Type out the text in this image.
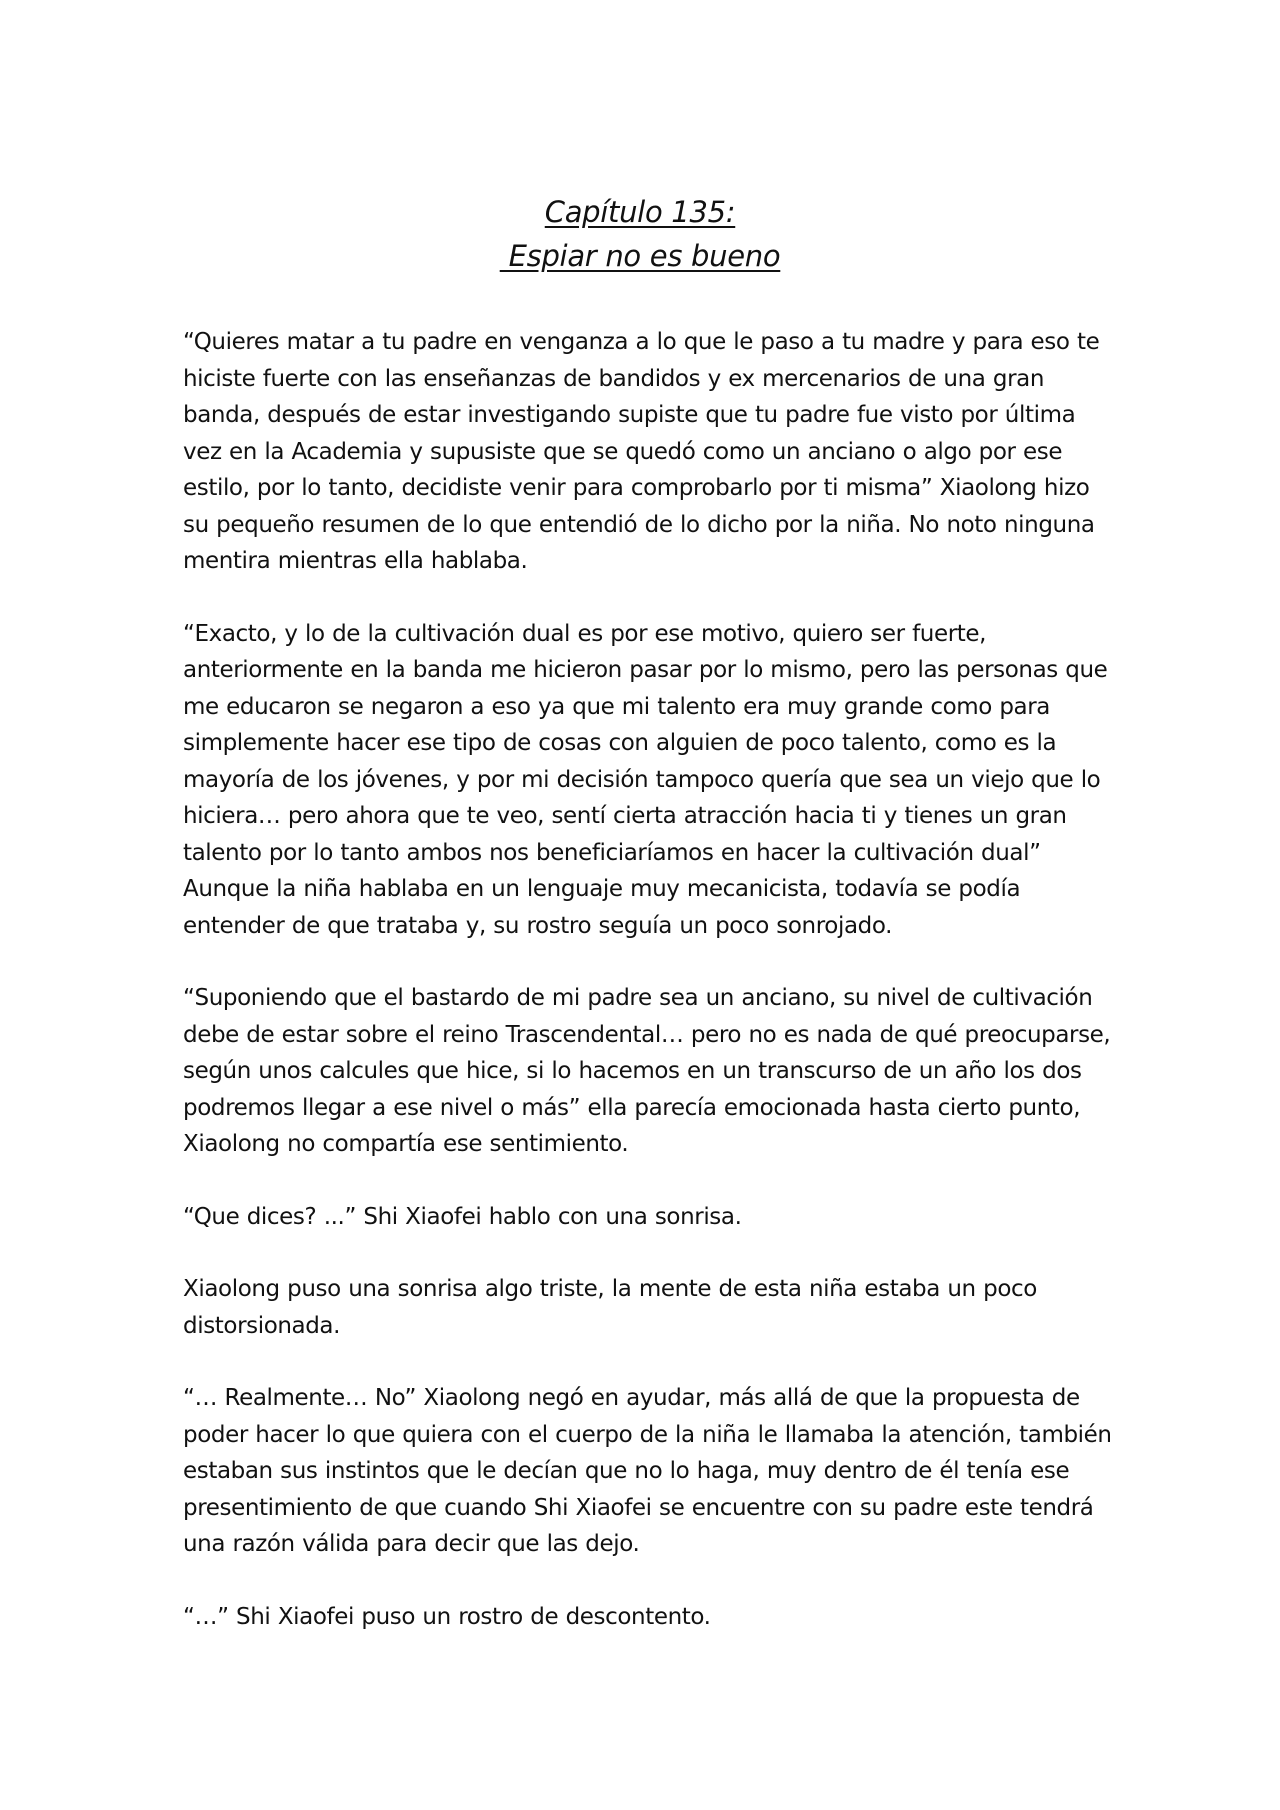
Capítulo 135:
Espiar no es bueno

“Quieres matar a tu padre en venganza a lo que le paso a tu madre y para eso te hiciste fuerte con las enseñanzas de bandidos y ex mercenarios de una gran banda, después de estar investigando supiste que tu padre fue visto por última vez en la Academia y supusiste que se quedó como un anciano o algo por ese estilo, por lo tanto, decidiste venir para comprobarlo por ti misma” Xiaolong hizo su pequeño resumen de lo que entendió de lo dicho por la niña. No noto ninguna mentira mientras ella hablaba.

“Exacto, y lo de la cultivación dual es por ese motivo, quiero ser fuerte, anteriormente en la banda me hicieron pasar por lo mismo, pero las personas que me educaron se negaron a eso ya que mi talento era muy grande como para simplemente hacer ese tipo de cosas con alguien de poco talento, como es la mayoría de los jóvenes, y por mi decisión tampoco quería que sea un viejo que lo hiciera… pero ahora que te veo, sentí cierta atracción hacia ti y tienes un gran talento por lo tanto ambos nos beneficiaríamos en hacer la cultivación dual” Aunque la niña hablaba en un lenguaje muy mecanicista, todavía se podía entender de que trataba y, su rostro seguía un poco sonrojado.

“Suponiendo que el bastardo de mi padre sea un anciano, su nivel de cultivación debe de estar sobre el reino Trascendental… pero no es nada de qué preocuparse, según unos calcules que hice, si lo hacemos en un transcurso de un año los dos podremos llegar a ese nivel o más” ella parecía emocionada hasta cierto punto, Xiaolong no compartía ese sentimiento.

“Que dices? ...” Shi Xiaofei hablo con una sonrisa.

Xiaolong puso una sonrisa algo triste, la mente de esta niña estaba un poco distorsionada.

“… Realmente… No” Xiaolong negó en ayudar, más allá de que la propuesta de poder hacer lo que quiera con el cuerpo de la niña le llamaba la atención, también estaban sus instintos que le decían que no lo haga, muy dentro de él tenía ese presentimiento de que cuando Shi Xiaofei se encuentre con su padre este tendrá una razón válida para decir que las dejo.

“…” Shi Xiaofei puso un rostro de descontento.
